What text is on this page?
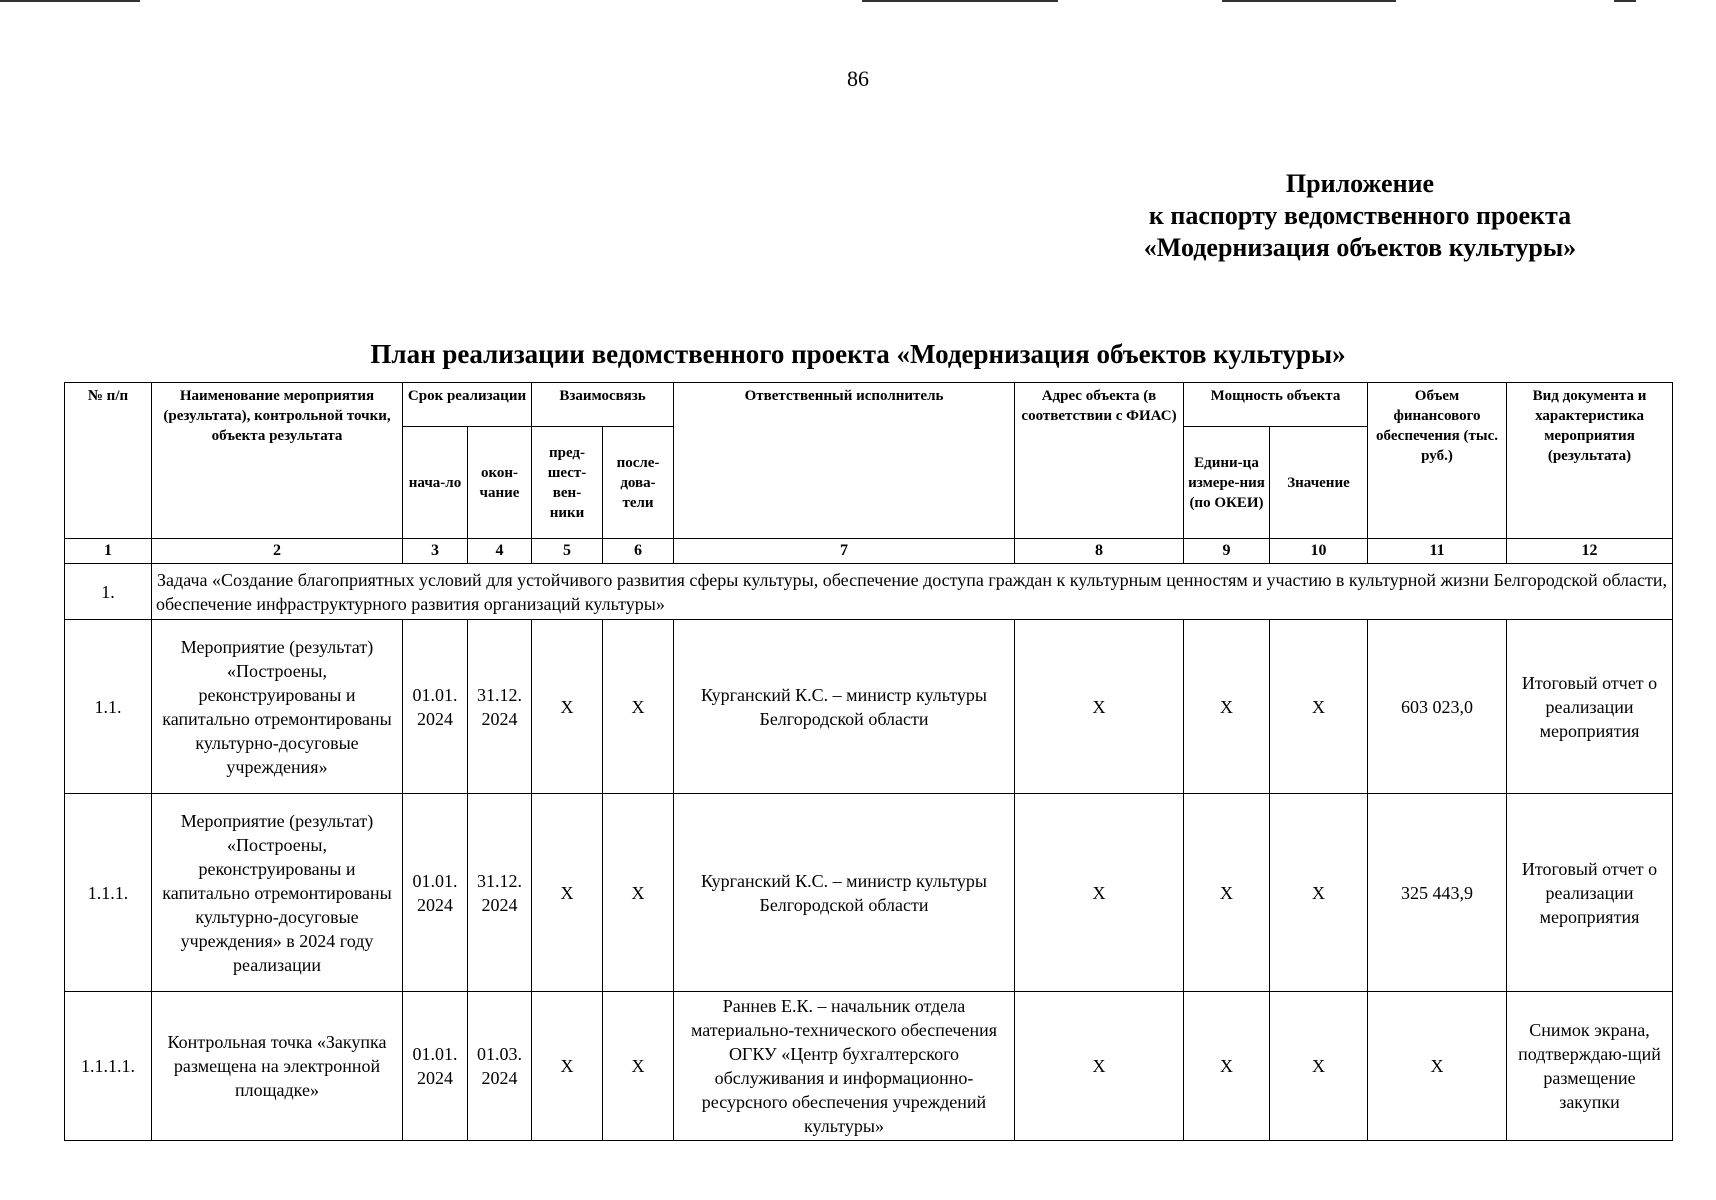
86
Приложение
к паспорту ведомственного проекта
«Модернизация объектов культуры»
План реализации ведомственного проекта «Модернизация объектов культуры»
№ п/п	Наименование мероприятия (результата), контрольной точки, объекта результата	Срок реализации		Взаимосвязь		Ответственный исполнитель	Адрес объекта (в соответствии с ФИАС)	Мощность объекта		Объем финансового обеспечения (тыс. руб.)	Вид документа и характеристика мероприятия (результата)
		нача-ло	окон-чание	пред-шест-вен-ники	после-дова-тели			Едини-ца измере-ния (по ОКЕИ)	Значение		
1	2	3	4	5	6	7	8	9	10	11	12
1.	Задача «Создание благоприятных условий для устойчивого развития сферы культуры, обеспечение доступа граждан к культурным ценностям и участию в культурной жизни Белгородской области, обеспечение инфраструктурного развития организаций культуры»										
1.1.	Мероприятие (результат) «Построены, реконструированы и капитально отремонтированы культурно-досуговые учреждения»	01.01. 2024	31.12. 2024	Х	Х	Курганский К.С. – министр культуры Белгородской области	Х	Х	Х	603 023,0	Итоговый отчет о реализации мероприятия
1.1.1.	Мероприятие (результат) «Построены, реконструированы и капитально отремонтированы культурно-досуговые учреждения» в 2024 году реализации	01.01. 2024	31.12. 2024	Х	Х	Курганский К.С. – министр культуры Белгородской области	Х	Х	Х	325 443,9	Итоговый отчет о реализации мероприятия
1.1.1.1.	Контрольная точка «Закупка размещена на электронной площадке»	01.01. 2024	01.03. 2024	Х	Х	Раннев Е.К. – начальник отдела материально-технического обеспечения ОГКУ «Центр бухгалтерского обслуживания и информационно-ресурсного обеспечения учреждений культуры»	Х	Х	Х	Х	Снимок экрана, подтверждаю-щий размещение закупки
